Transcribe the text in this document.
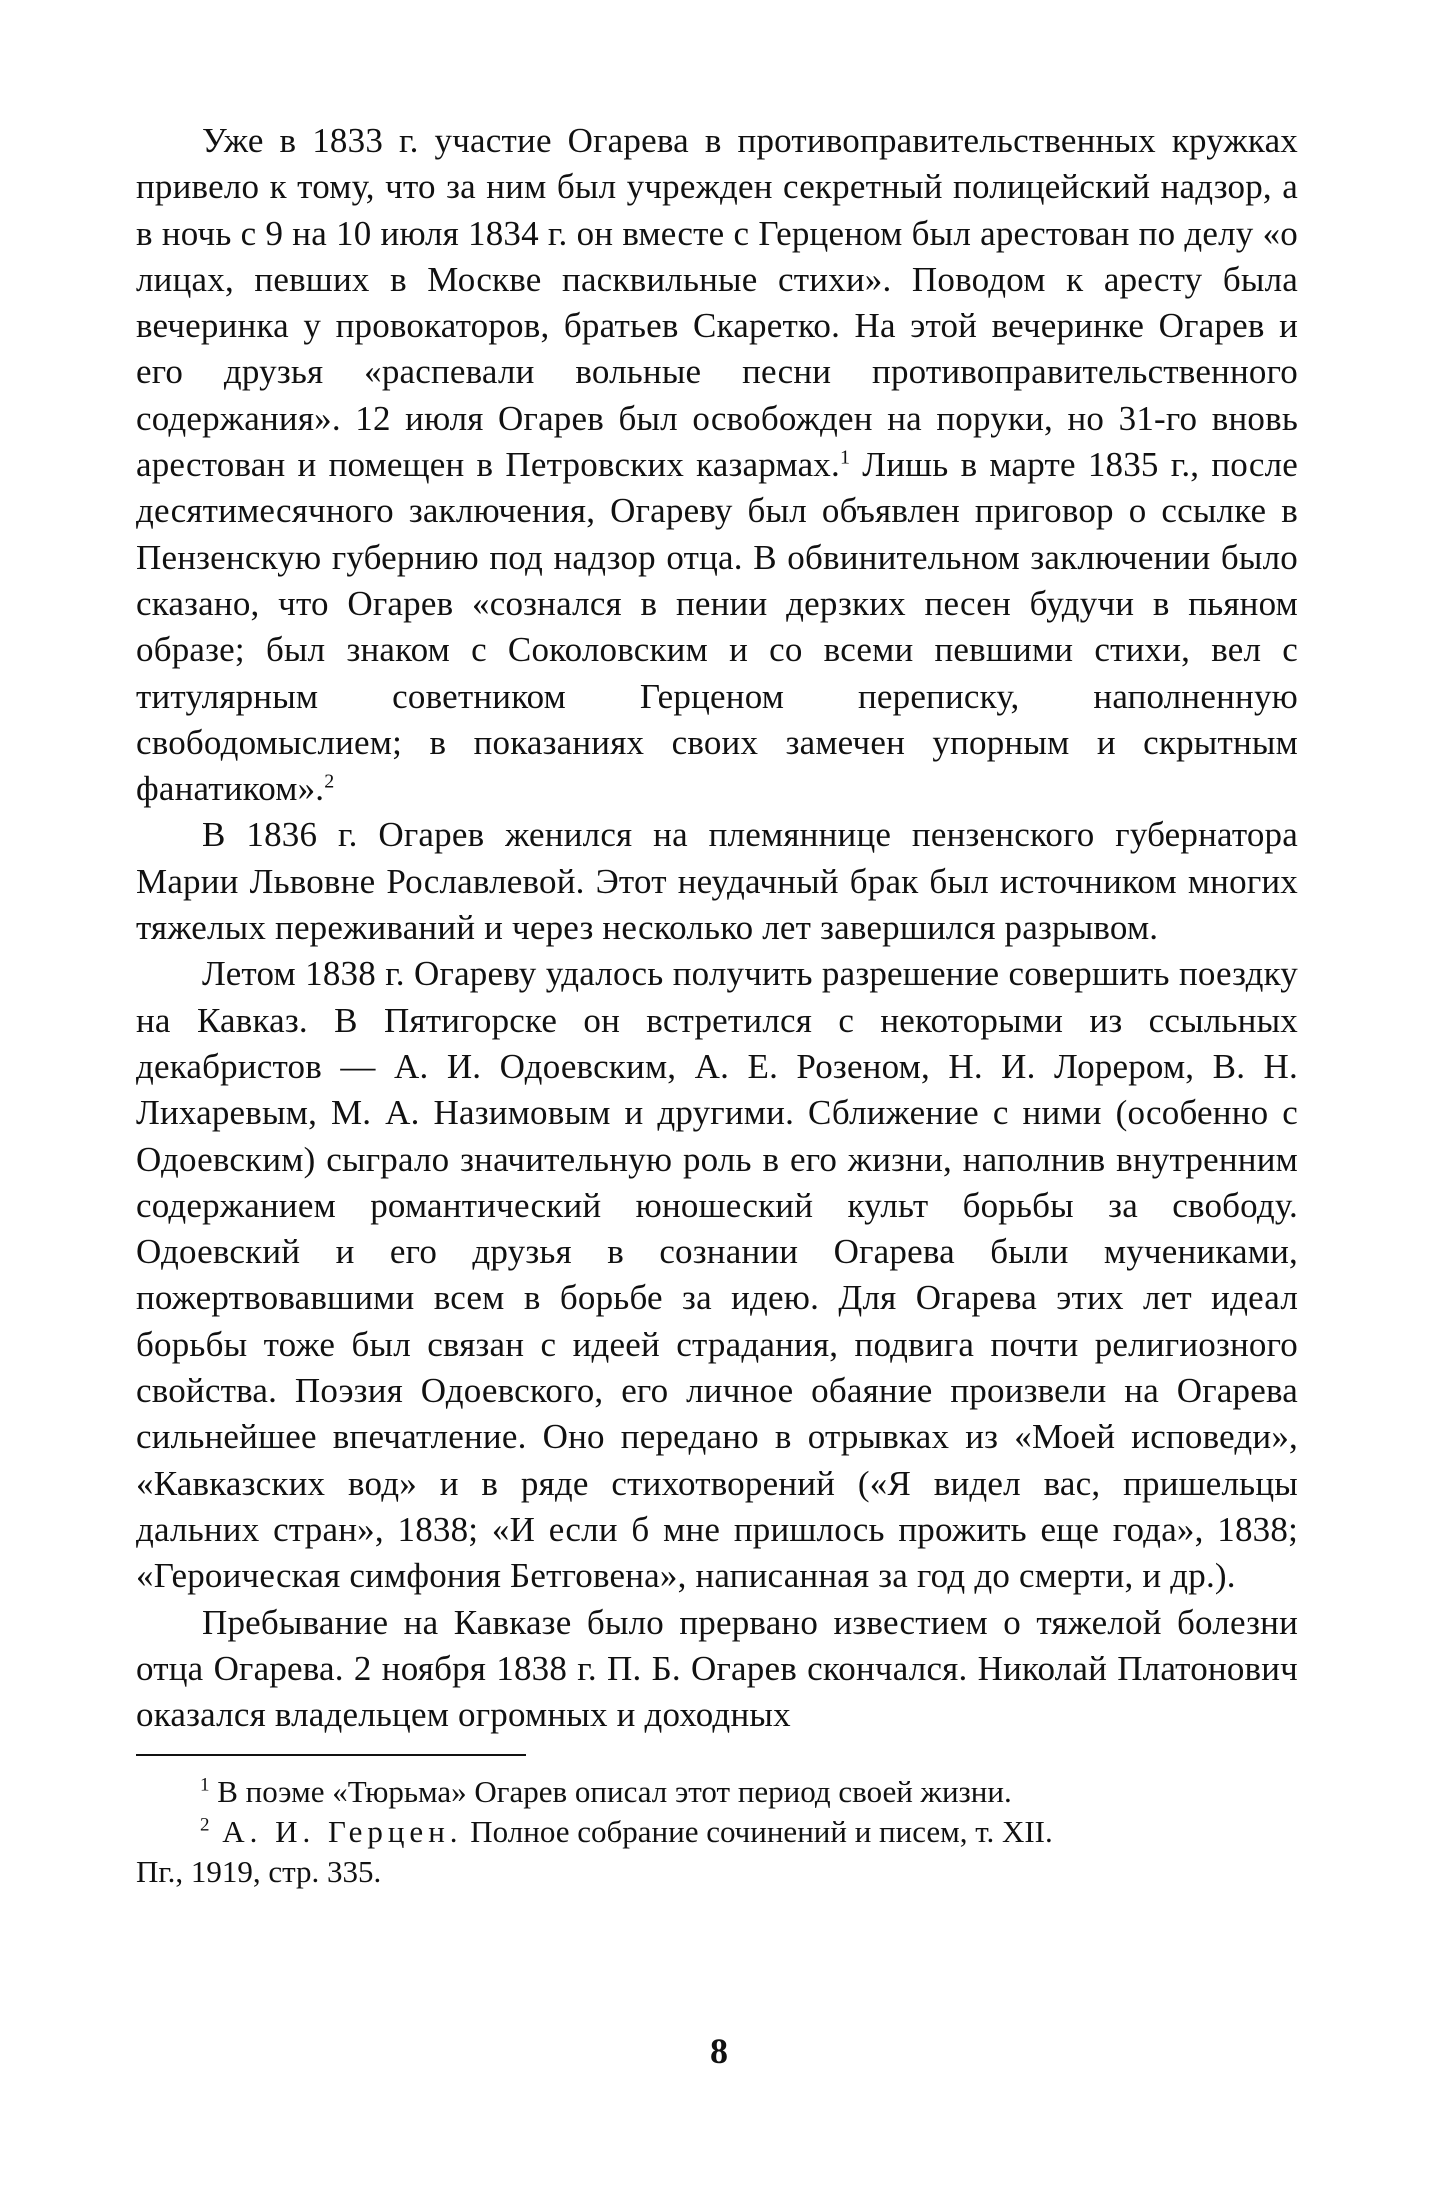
Уже в 1833 г. участие Огарева в противоправительственных кружках привело к тому, что за ним был учрежден секретный полицейский надзор, а в ночь с 9 на 10 июля 1834 г. он вместе с Герценом был арестован по делу «о лицах, певших в Москве пасквильные стихи». Поводом к аресту была вечеринка у провокаторов, братьев Скаретко. На этой вечеринке Огарев и его друзья «распевали вольные песни противоправительственного содержания». 12 июля Огарев был освобожден на поруки, но 31-го вновь арестован и помещен в Петровских казармах.$^1$ Лишь в марте 1835 г., после десятимесячного заключения, Огареву был объявлен приговор о ссылке в Пензенскую губернию под надзор отца. В обвинительном заключении было сказано, что Огарев «сознался в пении дерзких песен будучи в пьяном образе; был знаком с Соколовским и со всеми певшими стихи, вел с титулярным советником Герценом переписку, наполненную свободомыслием; в показаниях своих замечен упорным и скрытным фанатиком».$^2$

В 1836 г. Огарев женился на племяннице пензенского губернатора Марии Львовне Рославлевой. Этот неудачный брак был источником многих тяжелых переживаний и через несколько лет завершился разрывом.

Летом 1838 г. Огареву удалось получить разрешение совершить поездку на Кавказ. В Пятигорске он встретился с некоторыми из ссыльных декабристов — А. И. Одоевским, А. Е. Розеном, Н. И. Лорером, В. Н. Лихаревым, М. А. Назимовым и другими. Сближение с ними (особенно с Одоевским) сыграло значительную роль в его жизни, наполнив внутренним содержанием романтический юношеский культ борьбы за свободу. Одоевский и его друзья в сознании Огарева были мучениками, пожертвовавшими всем в борьбе за идею. Для Огарева этих лет идеал борьбы тоже был связан с идеей страдания, подвига почти религиозного свойства. Поэзия Одоевского, его личное обаяние произвели на Огарева сильнейшее впечатление. Оно передано в отрывках из «Моей исповеди», «Кавказских вод» и в ряде стихотворений («Я видел вас, пришельцы дальних стран», 1838; «И если б мне пришлось прожить еще года», 1838; «Героическая симфония Бетговена», написанная за год до смерти, и др.).

Пребывание на Кавказе было прервано известием о тяжелой болезни отца Огарева. 2 ноября 1838 г. П. Б. Огарев скончался. Николай Платонович оказался владельцем огромных и доходных

$^1$ В поэме «Тюрьма» Огарев описал этот период своей жизни.

$^2$ А. И. Герцен. Полное собрание сочинений и писем, т. XII.

Пг., 1919, стр. 335.

8
